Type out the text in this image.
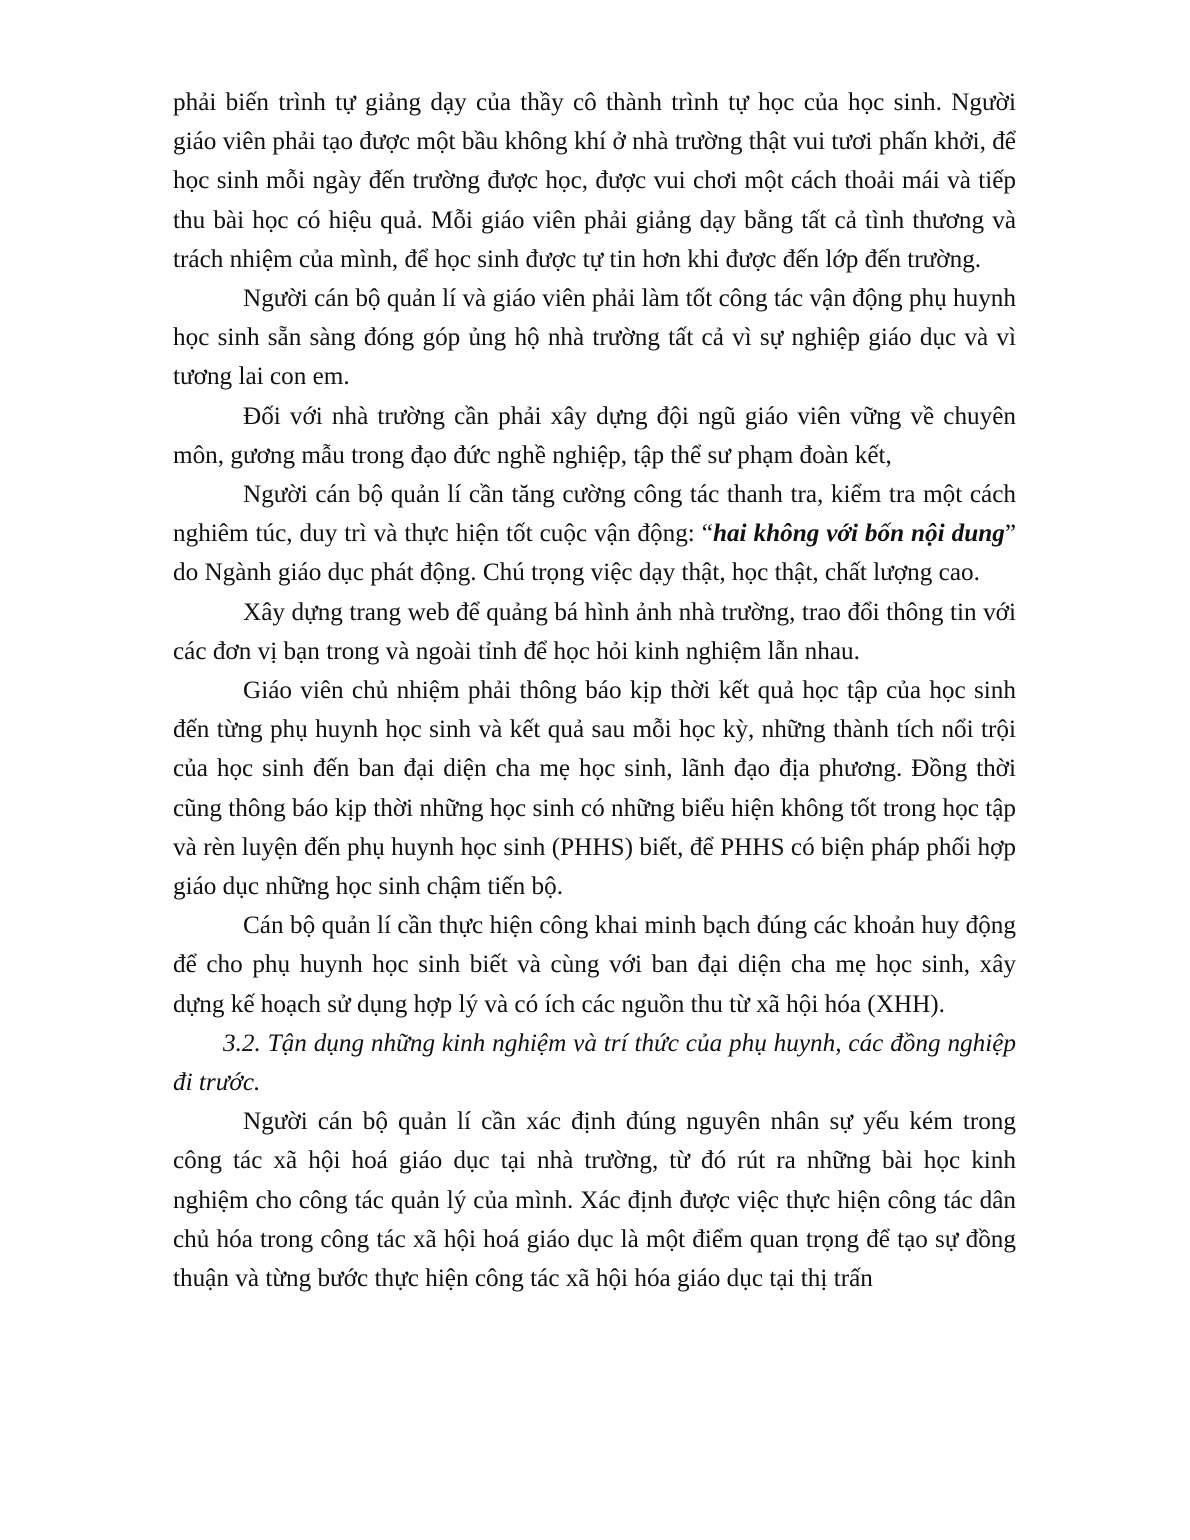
phải biến trình tự giảng dạy của thầy cô thành trình tự học của học sinh. Người giáo viên phải tạo được một bầu không khí ở nhà trường thật vui tươi phấn khởi, để học sinh mỗi ngày đến trường được học, được vui chơi một cách thoải mái và tiếp thu bài học có hiệu quả. Mỗi giáo viên phải giảng dạy bằng tất cả tình thương và trách nhiệm của mình, để học sinh được tự tin hơn khi được đến lớp đến trường.

Người cán bộ quản lí và giáo viên phải làm tốt công tác vận động phụ huynh học sinh sẵn sàng đóng góp ủng hộ nhà trường tất cả vì sự nghiệp giáo dục và vì tương lai con em.

Đối với nhà trường cần phải xây dựng đội ngũ giáo viên vững về chuyên môn, gương mẫu trong đạo đức nghề nghiệp, tập thể sư phạm đoàn kết,

Người cán bộ quản lí cần tăng cường công tác thanh tra, kiểm tra một cách nghiêm túc, duy trì và thực hiện tốt cuộc vận động: “hai không với bốn nội dung” do Ngành giáo dục phát động. Chú trọng việc dạy thật, học thật, chất lượng cao.

Xây dựng trang web để quảng bá hình ảnh nhà trường, trao đổi thông tin với các đơn vị bạn trong và ngoài tỉnh để học hỏi kinh nghiệm lẫn nhau.

Giáo viên chủ nhiệm phải thông báo kịp thời kết quả học tập của học sinh đến từng phụ huynh học sinh và kết quả sau mỗi học kỳ, những thành tích nổi trội của học sinh đến ban đại diện cha mẹ học sinh, lãnh đạo địa phương. Đồng thời cũng thông báo kịp thời những học sinh có những biểu hiện không tốt trong học tập và rèn luyện đến phụ huynh học sinh (PHHS) biết, để PHHS có biện pháp phối hợp giáo dục những học sinh chậm tiến bộ.

Cán bộ quản lí cần thực hiện công khai minh bạch đúng các khoản huy động để cho phụ huynh học sinh biết và cùng với ban đại diện cha mẹ học sinh, xây dựng kế hoạch sử dụng hợp lý và có ích các nguồn thu từ xã hội hóa (XHH).

3.2. Tận dụng những kinh nghiệm và trí thức của phụ huynh, các đồng nghiệp đi trước.

Người cán bộ quản lí cần xác định đúng nguyên nhân sự yếu kém trong công tác xã hội hoá giáo dục tại nhà trường, từ đó rút ra những bài học kinh nghiệm cho công tác quản lý của mình. Xác định được việc thực hiện công tác dân chủ hóa trong công tác xã hội hoá giáo dục là một điểm quan trọng để tạo sự đồng thuận và từng bước thực hiện công tác xã hội hóa giáo dục tại thị trấn
